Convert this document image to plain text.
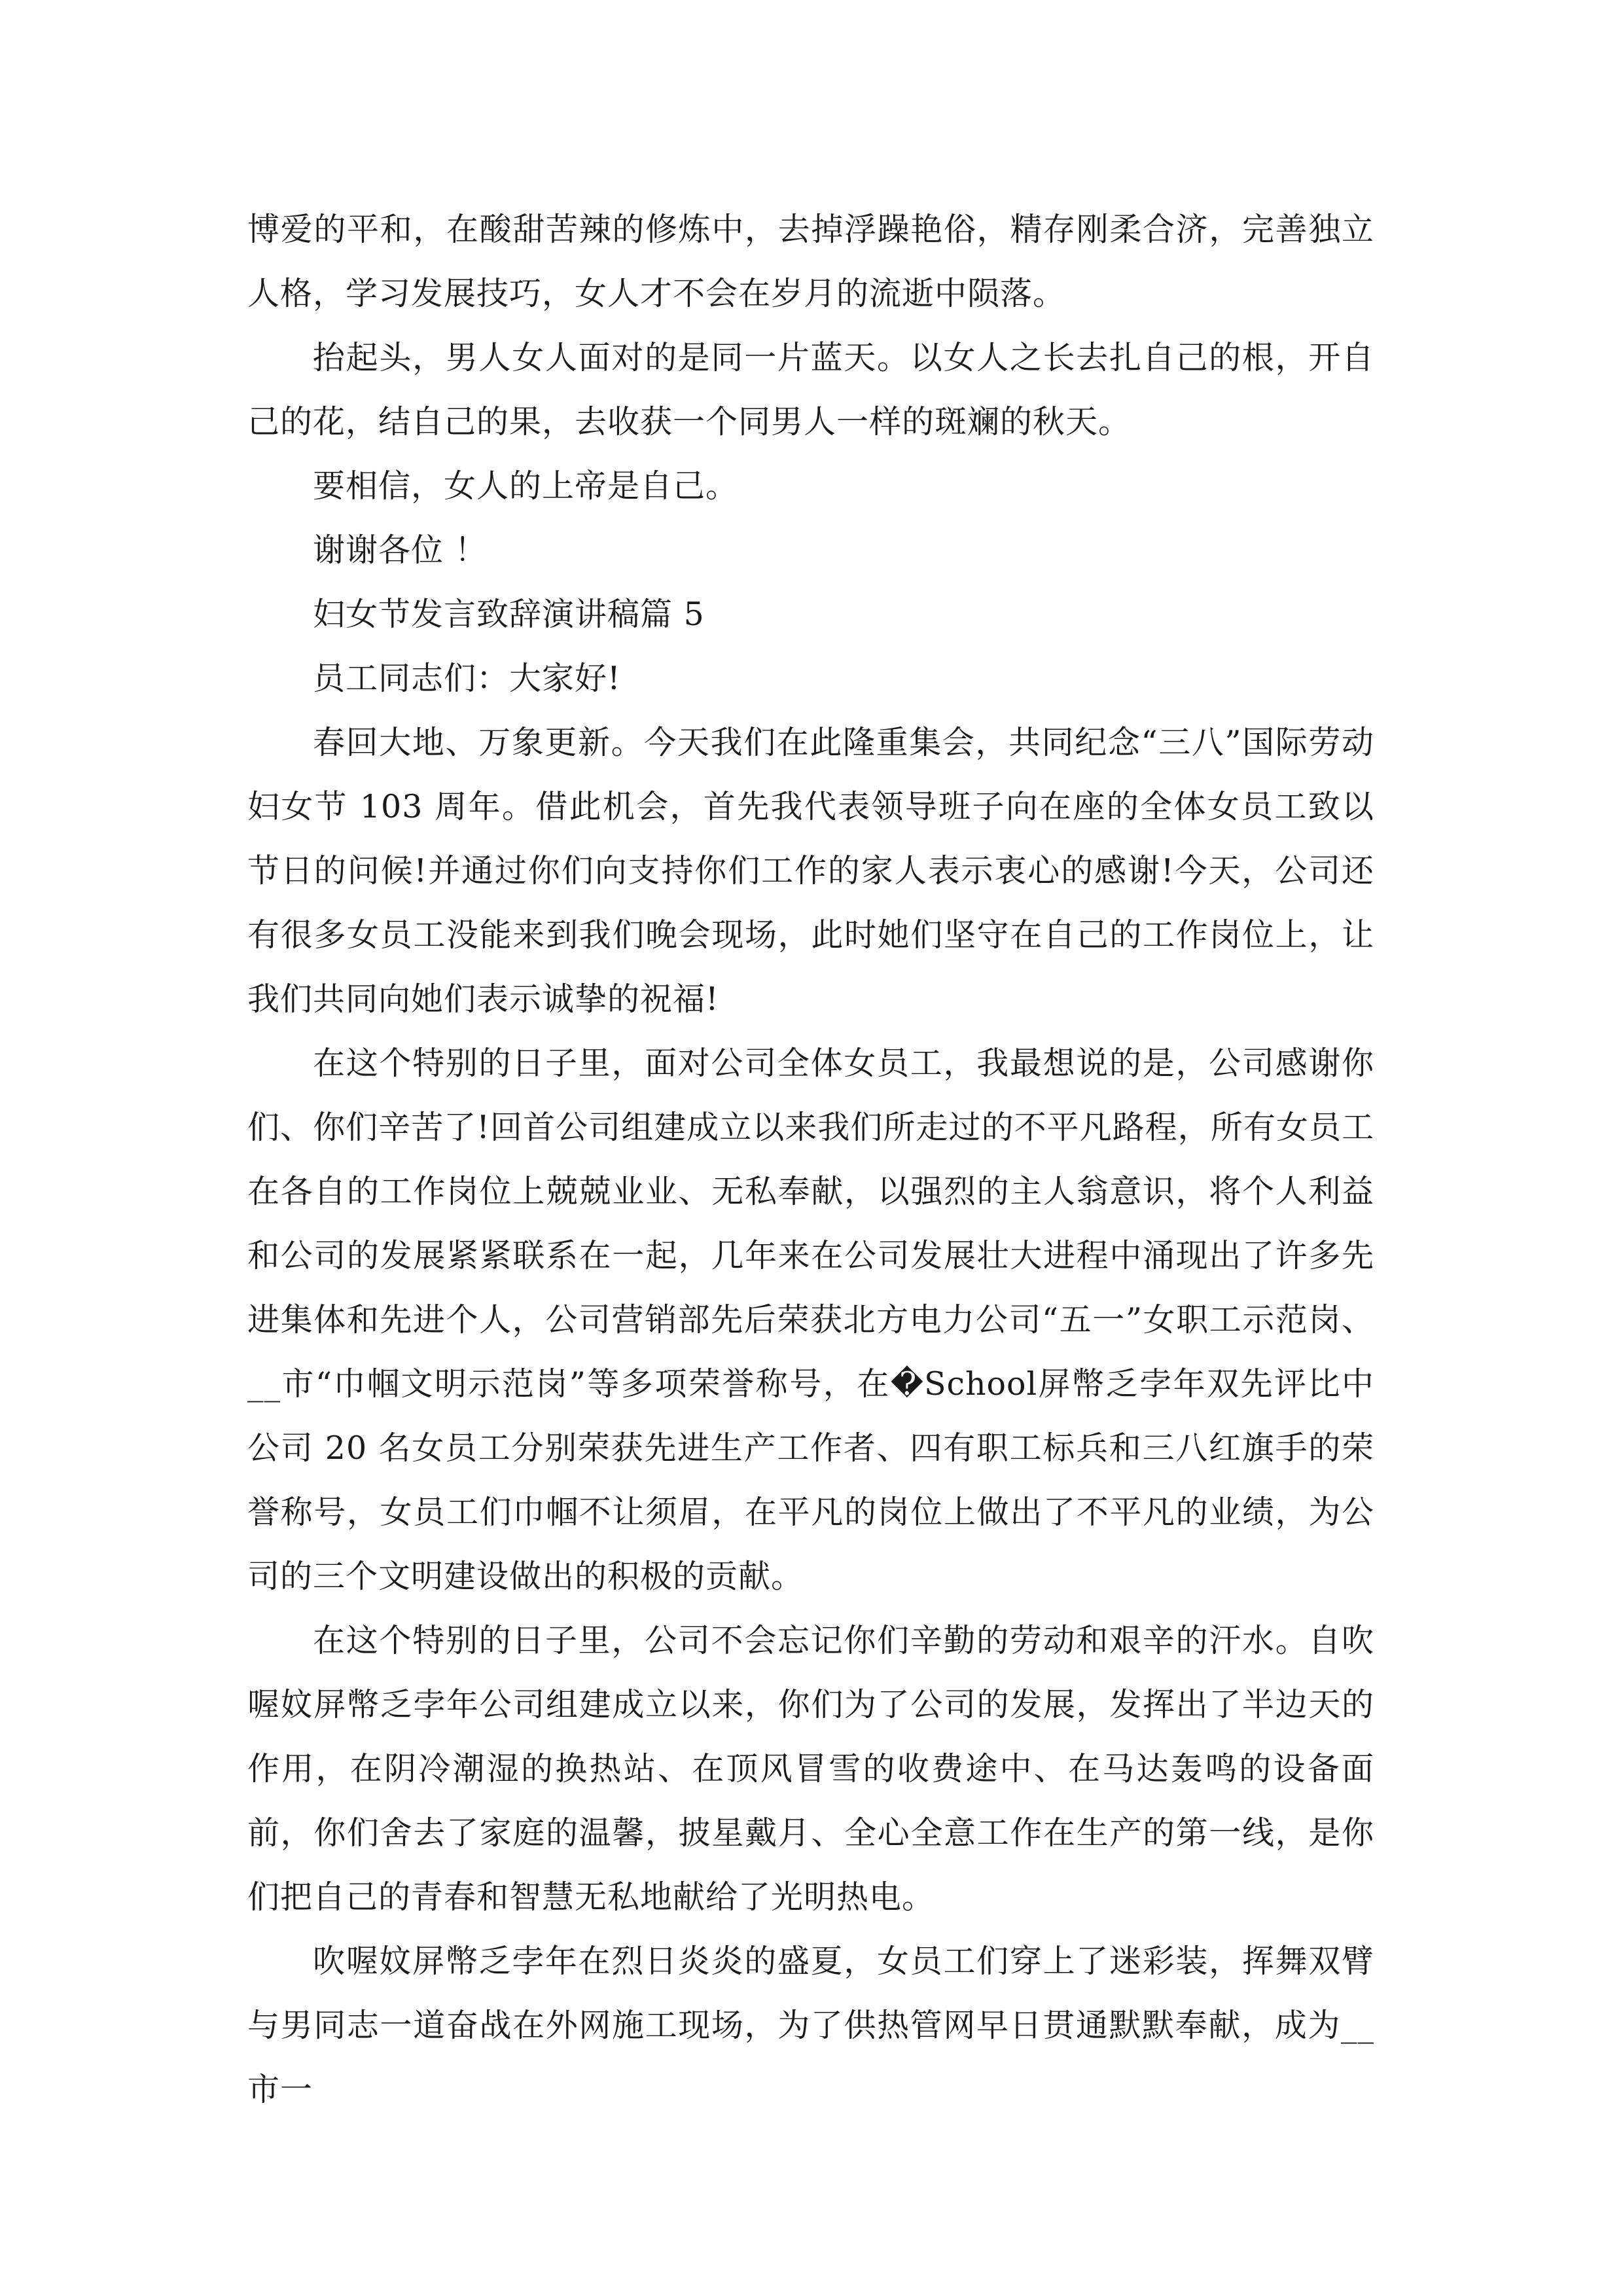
博爱的平和，在酸甜苦辣的修炼中，去掉浮躁艳俗，精存刚柔合济，完善独立人格，学习发展技巧，女人才不会在岁月的流逝中陨落。

抬起头，男人女人面对的是同一片蓝天。以女人之长去扎自己的根，开自己的花，结自己的果，去收获一个同男人一样的斑斓的秋天。

要相信，女人的上帝是自己。

谢谢各位 ！

妇女节发言致辞演讲稿篇 5

员工同志们：大家好!

春回大地、万象更新。今天我们在此隆重集会，共同纪念“三八”国际劳动妇女节 103 周年。借此机会，首先我代表领导班子向在座的全体女员工致以节日的问候!并通过你们向支持你们工作的家人表示衷心的感谢!今天，公司还有很多女员工没能来到我们晚会现场，此时她们坚守在自己的工作岗位上，让我们共同向她们表示诚挚的祝福!

在这个特别的日子里，面对公司全体女员工，我最想说的是，公司感谢你们、你们辛苦了!回首公司组建成立以来我们所走过的不平凡路程，所有女员工在各自的工作岗位上兢兢业业、无私奉献，以强烈的主人翁意识，将个人利益和公司的发展紧紧联系在一起，几年来在公司发展壮大进程中涌现出了许多先进集体和先进个人，公司营销部先后荣获北方电力公司“五一”女职工示范岗、__市“巾帼文明示范岗”等多项荣誉称号，在�School屏幣乏孛年双先评比中公司 20 名女员工分别荣获先进生产工作者、四有职工标兵和三八红旗手的荣誉称号，女员工们巾帼不让须眉，在平凡的岗位上做出了不平凡的业绩，为公司的三个文明建设做出的积极的贡献。

在这个特别的日子里，公司不会忘记你们辛勤的劳动和艰辛的汗水。自吹喔妏屏幣乏孛年公司组建成立以来，你们为了公司的发展，发挥出了半边天的作用，在阴冷潮湿的换热站、在顶风冒雪的收费途中、在马达轰鸣的设备面前，你们舍去了家庭的温馨，披星戴月、全心全意工作在生产的第一线，是你们把自己的青春和智慧无私地献给了光明热电。

吹喔妏屏幣乏孛年在烈日炎炎的盛夏，女员工们穿上了迷彩装，挥舞双臂与男同志一道奋战在外网施工现场，为了供热管网早日贯通默默奉献，成为__市一
